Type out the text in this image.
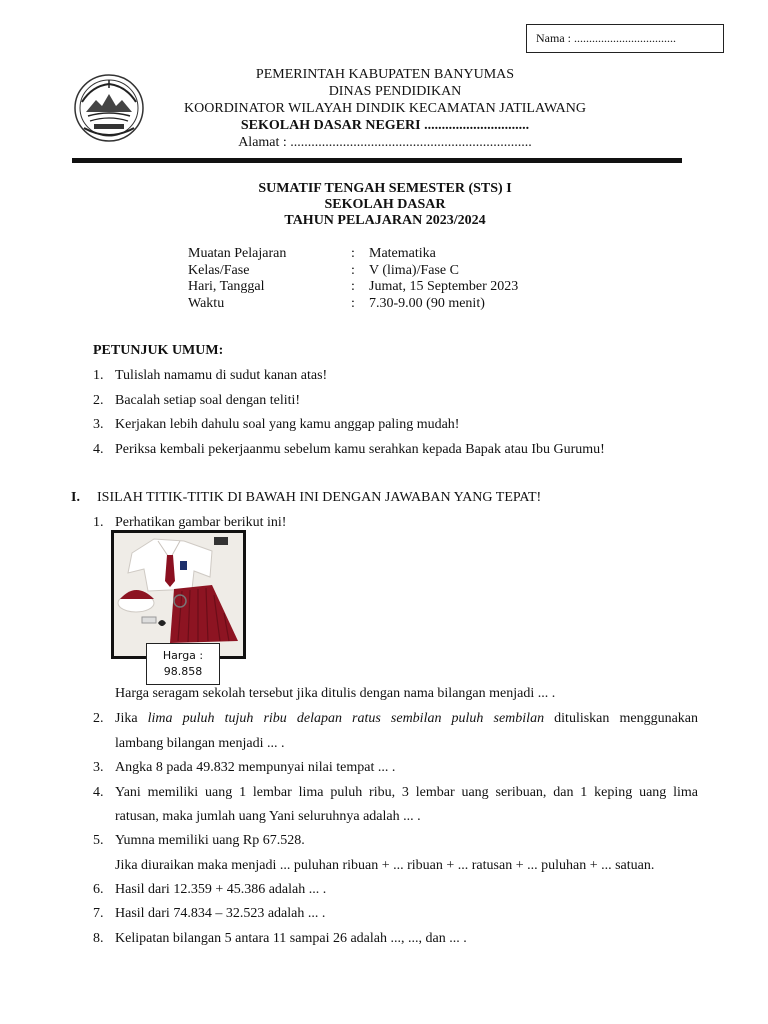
Nama : ..................................
PEMERINTAH KABUPATEN BANYUMAS
DINAS PENDIDIKAN
KOORDINATOR WILAYAH DINDIK KECAMATAN JATILAWANG
SEKOLAH DASAR NEGERI ..............................
Alamat : .....................................................................
SUMATIF TENGAH SEMESTER (STS) I
SEKOLAH DASAR
TAHUN PELAJARAN 2023/2024
Muatan Pelajaran	:	Matematika
Kelas/Fase	:	V (lima)/Fase C
Hari, Tanggal	:	Jumat, 15 September 2023
Waktu	:	7.30-9.00 (90 menit)
PETUNJUK UMUM:
1. Tulislah namamu di sudut kanan atas!
2. Bacalah setiap soal dengan teliti!
3. Kerjakan lebih dahulu soal yang kamu anggap paling mudah!
4. Periksa kembali pekerjaanmu sebelum kamu serahkan kepada Bapak atau Ibu Gurumu!
I.	ISILAH TITIK-TITIK DI BAWAH INI DENGAN JAWABAN YANG TEPAT!
1. Perhatikan gambar berikut ini!
Harga :
98.858
Harga seragam sekolah tersebut jika ditulis dengan nama bilangan menjadi ... .
2. Jika lima puluh tujuh ribu delapan ratus sembilan puluh sembilan dituliskan menggunakan
lambang bilangan menjadi ... .
3. Angka 8 pada 49.832 mempunyai nilai tempat ... .
4. Yani memiliki uang 1 lembar lima puluh ribu, 3 lembar uang seribuan, dan 1 keping uang lima
ratusan, maka jumlah uang Yani seluruhnya adalah ... .
5. Yumna memiliki uang Rp 67.528.
Jika diuraikan maka menjadi ... puluhan ribuan + ... ribuan + ... ratusan + ... puluhan + ... satuan.
6. Hasil dari 12.359 + 45.386 adalah ... .
7. Hasil dari 74.834 – 32.523 adalah ... .
8. Kelipatan bilangan 5 antara 11 sampai 26 adalah ..., ..., dan ... .
